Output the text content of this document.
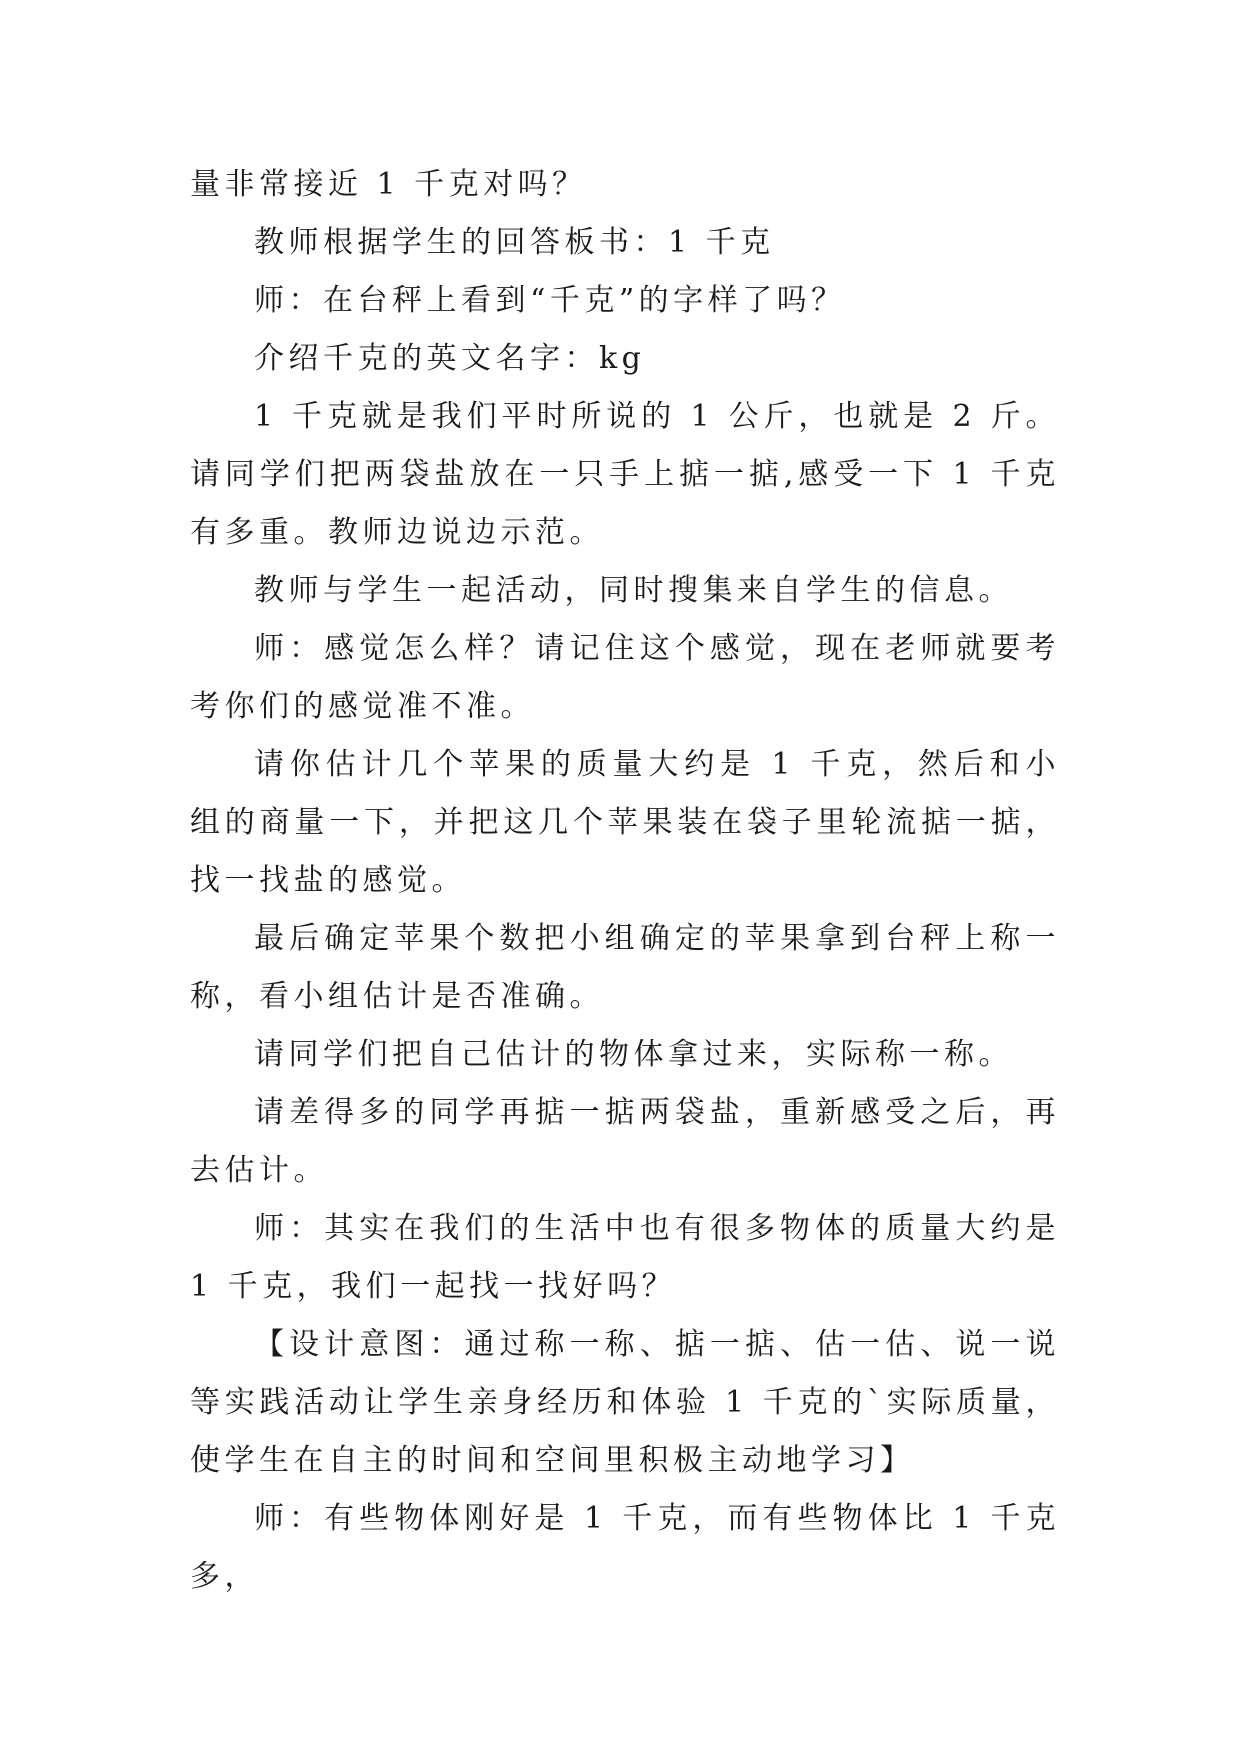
量非常接近 1 千克对吗？

教师根据学生的回答板书：1 千克

师：在台秤上看到“千克”的字样了吗？

介绍千克的英文名字：kg

1 千克就是我们平时所说的 1 公斤，也就是 2 斤。请同学们把两袋盐放在一只手上掂一掂,感受一下 1 千克有多重。教师边说边示范。

教师与学生一起活动，同时搜集来自学生的信息。

师：感觉怎么样？请记住这个感觉，现在老师就要考考你们的感觉准不准。

请你估计几个苹果的质量大约是 1 千克，然后和小组的商量一下，并把这几个苹果装在袋子里轮流掂一掂，找一找盐的感觉。

最后确定苹果个数把小组确定的苹果拿到台秤上称一称，看小组估计是否准确。

请同学们把自己估计的物体拿过来，实际称一称。

请差得多的同学再掂一掂两袋盐，重新感受之后，再去估计。

师：其实在我们的生活中也有很多物体的质量大约是 1 千克，我们一起找一找好吗？

【设计意图：通过称一称、掂一掂、估一估、说一说等实践活动让学生亲身经历和体验 1 千克的`实际质量，使学生在自主的时间和空间里积极主动地学习】

师：有些物体刚好是 1 千克，而有些物体比 1 千克多，
